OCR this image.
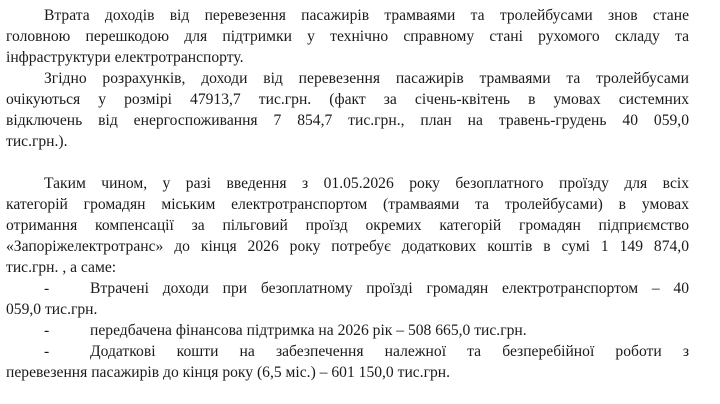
Втрата доходів від перевезення пасажирів трамваями та тролейбусами знов стане
головною перешкодою для підтримки у технічно справному стані рухомого складу та
інфраструктури електротранспорту.
Згідно розрахунків, доходи від перевезення пасажирів трамваями та тролейбусами
очікуються у розмірі 47913,7 тис.грн. (факт за січень-квітень в умовах системних
відключень від енергоспоживання 7 854,7 тис.грн., план на травень-грудень 40 059,0
тис.грн.).
Таким чином, у разі введення з 01.05.2026 року безоплатного проїзду для всіх
категорій громадян міським електротранспортом (трамваями та тролейбусами) в умовах
отримання компенсації за пільговий проїзд окремих категорій громадян підприємство
«Запоріжелектротранс» до кінця 2026 року потребує додаткових коштів в сумі 1 149 874,0
тис.грн. , а саме:
-	Втрачені доходи при безоплатному проїзді громадян електротранспортом – 40
059,0 тис.грн.
-	передбачена фінансова підтримка на 2026 рік – 508 665,0 тис.грн.
-	Додаткові кошти на забезпечення належної та безперебійної роботи з
перевезення пасажирів до кінця року (6,5 міс.) – 601 150,0 тис.грн.
